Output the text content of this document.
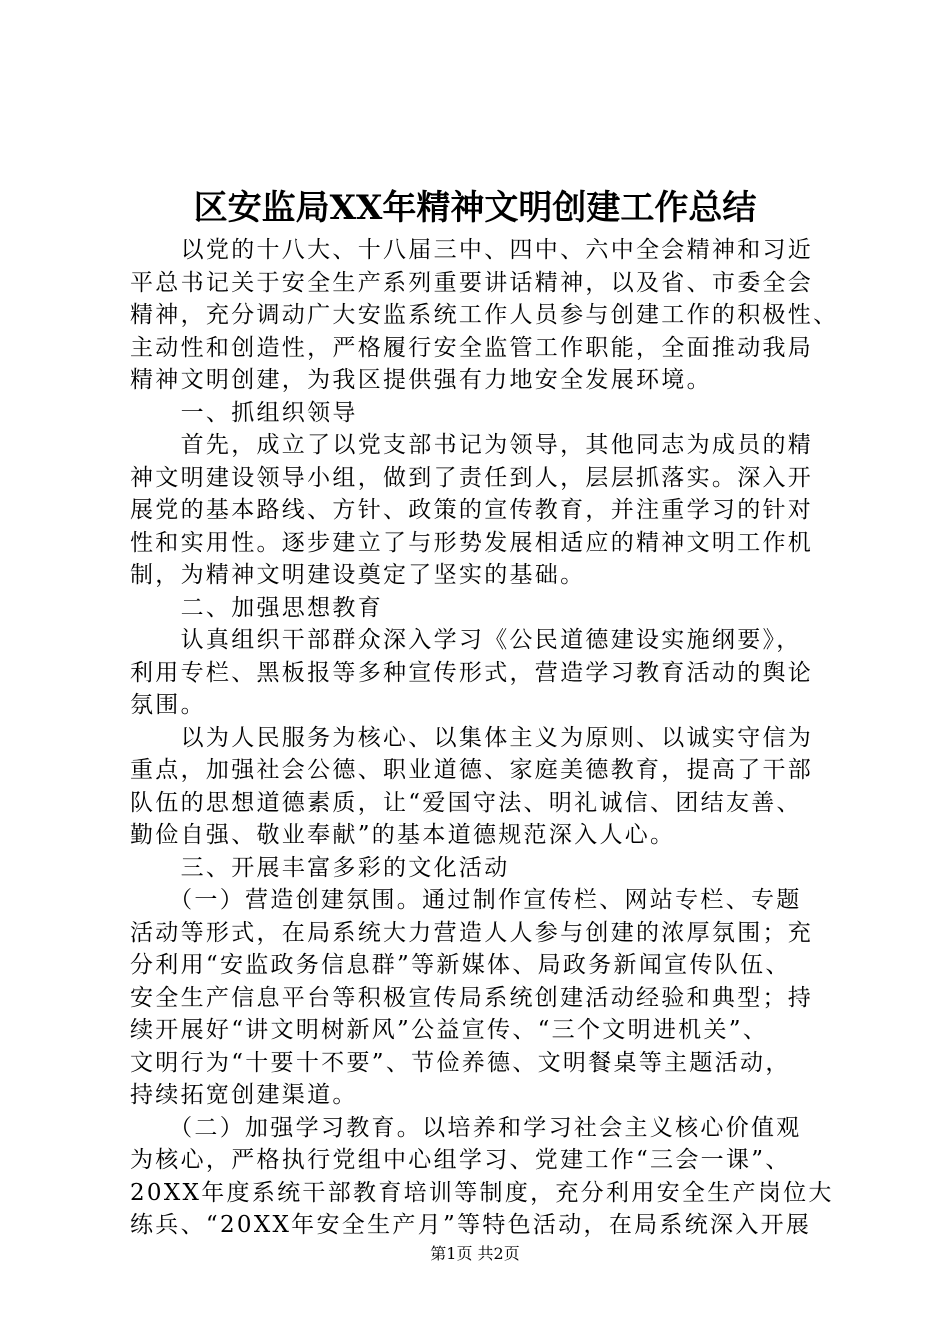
区安监局XX年精神文明创建工作总结
　　以党的十八大、十八届三中、四中、六中全会精神和习近
平总书记关于安全生产系列重要讲话精神，以及省、市委全会
精神，充分调动广大安监系统工作人员参与创建工作的积极性、
主动性和创造性，严格履行安全监管工作职能，全面推动我局
精神文明创建，为我区提供强有力地安全发展环境。
　　一、抓组织领导
　　首先，成立了以党支部书记为领导，其他同志为成员的精
神文明建设领导小组，做到了责任到人，层层抓落实。深入开
展党的基本路线、方针、政策的宣传教育，并注重学习的针对
性和实用性。逐步建立了与形势发展相适应的精神文明工作机
制，为精神文明建设奠定了坚实的基础。
　　二、加强思想教育
　　认真组织干部群众深入学习《公民道德建设实施纲要》，
利用专栏、黑板报等多种宣传形式，营造学习教育活动的舆论
氛围。
　　以为人民服务为核心、以集体主义为原则、以诚实守信为
重点，加强社会公德、职业道德、家庭美德教育，提高了干部
队伍的思想道德素质，让“爱国守法、明礼诚信、团结友善、
勤俭自强、敬业奉献”的基本道德规范深入人心。
　　三、开展丰富多彩的文化活动
　　（一）营造创建氛围。通过制作宣传栏、网站专栏、专题
活动等形式，在局系统大力营造人人参与创建的浓厚氛围；充
分利用“安监政务信息群”等新媒体、局政务新闻宣传队伍、
安全生产信息平台等积极宣传局系统创建活动经验和典型；持
续开展好“讲文明树新风”公益宣传、“三个文明进机关”、
文明行为“十要十不要”、节俭养德、文明餐桌等主题活动，
持续拓宽创建渠道。
　　（二）加强学习教育。以培养和学习社会主义核心价值观
为核心，严格执行党组中心组学习、党建工作“三会一课”、
20XX年度系统干部教育培训等制度，充分利用安全生产岗位大
练兵、“20XX年安全生产月”等特色活动，在局系统深入开展
第1页 共2页
